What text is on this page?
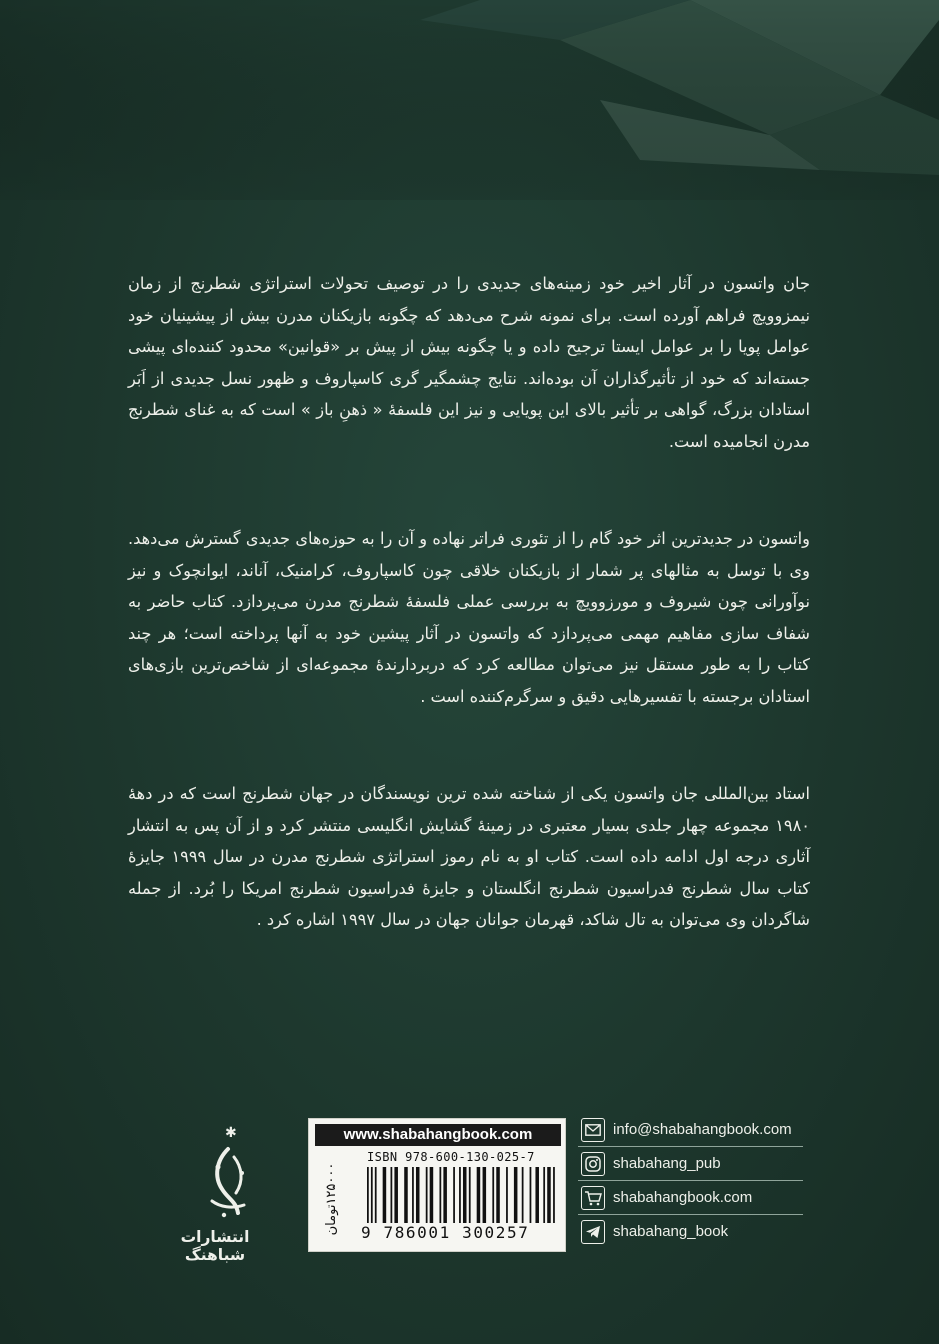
جان واتسون در آثار اخیر خود زمینه‌های جدیدی را در توصیف تحولات استراتژی شطرنج از زمان نیمزوویچ فراهم آورده است. برای نمونه شرح می‌دهد که چگونه بازیکنان مدرن بیش از پیشینیان خود عوامل پویا را بر عوامل ایستا ترجیح داده و یا چگونه بیش از پیش بر «قوانین» محدود کننده‌ای پیشی جسته‌اند که خود از تأثیرگذاران آن بوده‌اند. نتایج چشمگیر گری کاسپاروف و ظهور نسل جدیدی از اَبَر استادان بزرگ، گواهی بر تأثیر بالای این پویایی و نیز این فلسفهٔ « ذهنِ باز » است که به غنای شطرنج مدرن انجامیده است.

واتسون در جدیدترین اثر خود گام را از تئوری فراتر نهاده و آن را به حوزه‌های جدیدی گسترش می‌دهد. وی با توسل به مثالهای پر شمار از بازیکنان خلاقی چون کاسپاروف، کرامنیک، آناند، ایوانچوک و نیز نوآورانی چون شیروف و مورزوویچ به بررسی عملی فلسفهٔ شطرنج مدرن می‌پردازد. کتاب حاضر به شفاف سازی مفاهیم مهمی می‌پردازد که واتسون در آثار پیشین خود به آنها پرداخته است؛ هر چند کتاب را به طور مستقل نیز می‌توان مطالعه کرد که دربردارندهٔ مجموعه‌ای از شاخص‌ترین بازی‌های استادان برجسته با تفسیرهایی دقیق و سرگرم‌کننده است .

استاد بین‌المللی جان واتسون یکی از شناخته شده ترین نویسندگان در جهان شطرنج است که در دههٔ ۱۹۸۰ مجموعه چهار جلدی بسیار معتبری در زمینهٔ گشایش انگلیسی منتشر کرد و از آن پس به انتشار آثاری درجه اول ادامه داده است. کتاب او به نام رموز استراتژی شطرنج مدرن در سال ۱۹۹۹ جایزهٔ کتاب سال شطرنج فدراسیون شطرنج انگلستان و جایزهٔ فدراسیون شطرنج امریکا را بُرد. از جمله شاگردان وی می‌توان به تال شاکد، قهرمان جوانان جهان در سال ۱۹۹۷ اشاره کرد .

✱
انتشارات شباهنگ
www.shabahangbook.com
۱۲۵۰۰۰تومان
ISBN 978-600-130-025-7
9 786001 300257
info@shabahangbook.com
shabahang_pub
shabahangbook.com
shabahang_book
